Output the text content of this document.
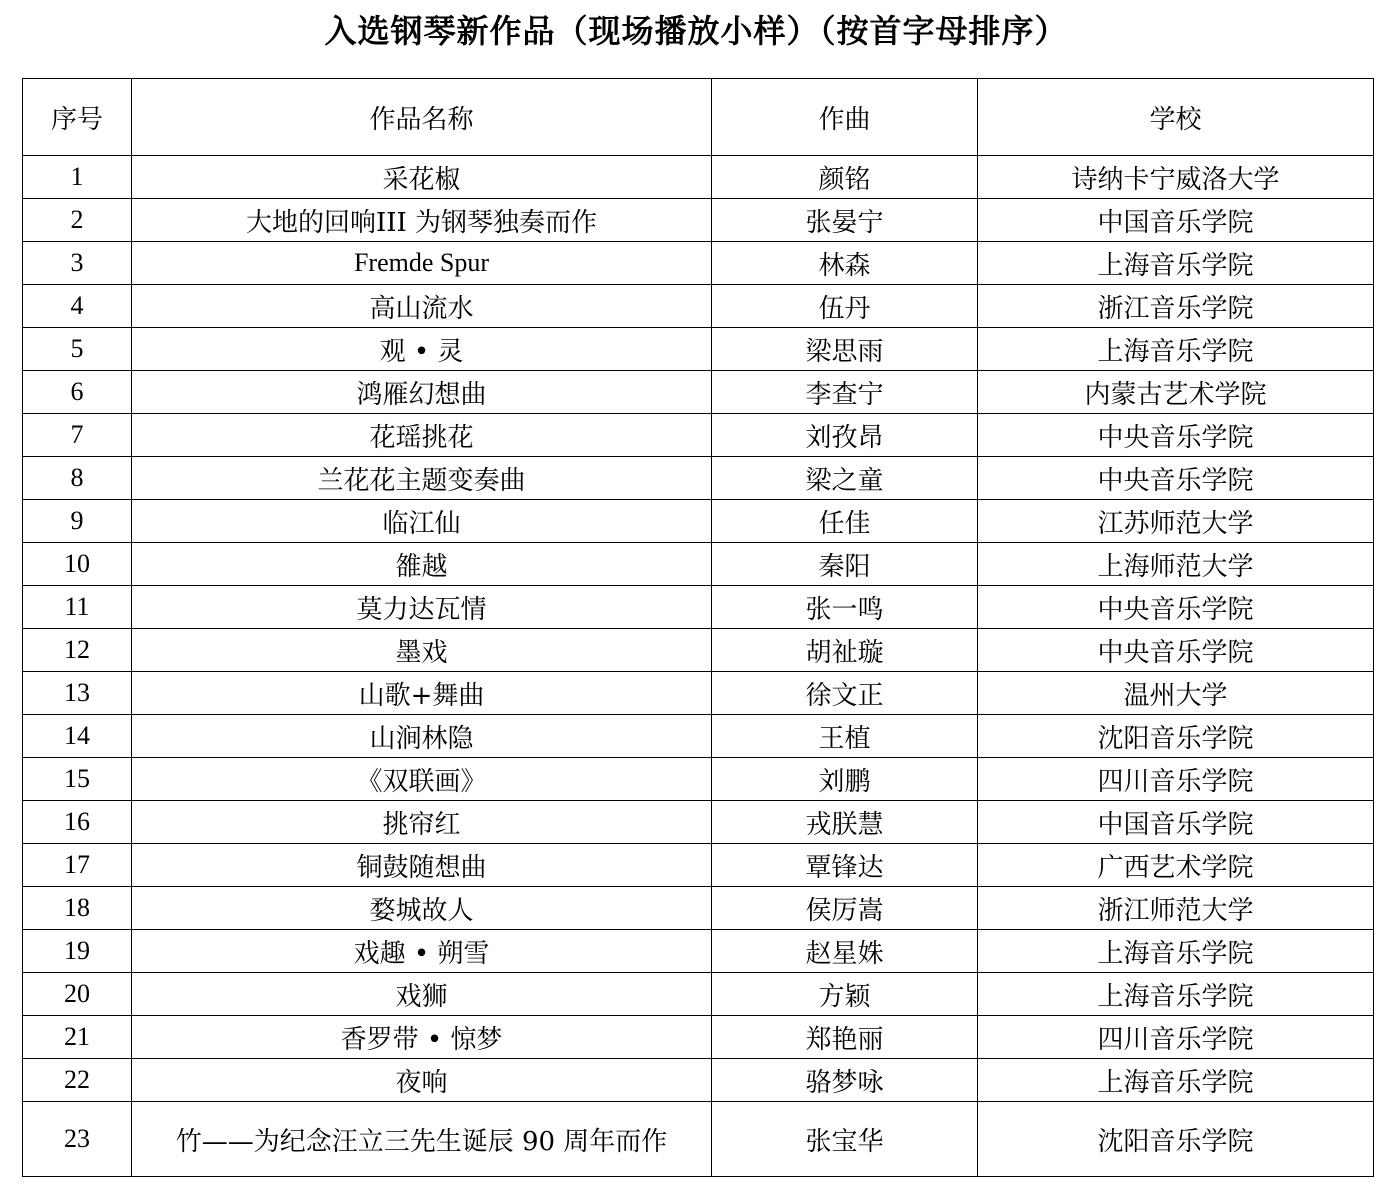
入选钢琴新作品（现场播放小样）（按首字母排序）
序号	作品名称	作曲	学校
1	采花椒	颜铭	诗纳卡宁威洛大学
2	大地的回响III 为钢琴独奏而作	张晏宁	中国音乐学院
3	Fremde Spur	林森	上海音乐学院
4	高山流水	伍丹	浙江音乐学院
5	观 • 灵	梁思雨	上海音乐学院
6	鸿雁幻想曲	李查宁	内蒙古艺术学院
7	花瑶挑花	刘孜昂	中央音乐学院
8	兰花花主题变奏曲	梁之童	中央音乐学院
9	临江仙	任佳	江苏师范大学
10	雒越	秦阳	上海师范大学
11	莫力达瓦情	张一鸣	中央音乐学院
12	墨戏	胡祉璇	中央音乐学院
13	山歌+舞曲	徐文正	温州大学
14	山涧林隐	王植	沈阳音乐学院
15	《双联画》	刘鹏	四川音乐学院
16	挑帘红	戎朕慧	中国音乐学院
17	铜鼓随想曲	覃锋达	广西艺术学院
18	婺城故人	侯厉嵩	浙江师范大学
19	戏趣 • 朔雪	赵星姝	上海音乐学院
20	戏狮	方颖	上海音乐学院
21	香罗带 • 惊梦	郑艳丽	四川音乐学院
22	夜响	骆梦咏	上海音乐学院
23	竹——为纪念汪立三先生诞辰 90 周年而作	张宝华	沈阳音乐学院
